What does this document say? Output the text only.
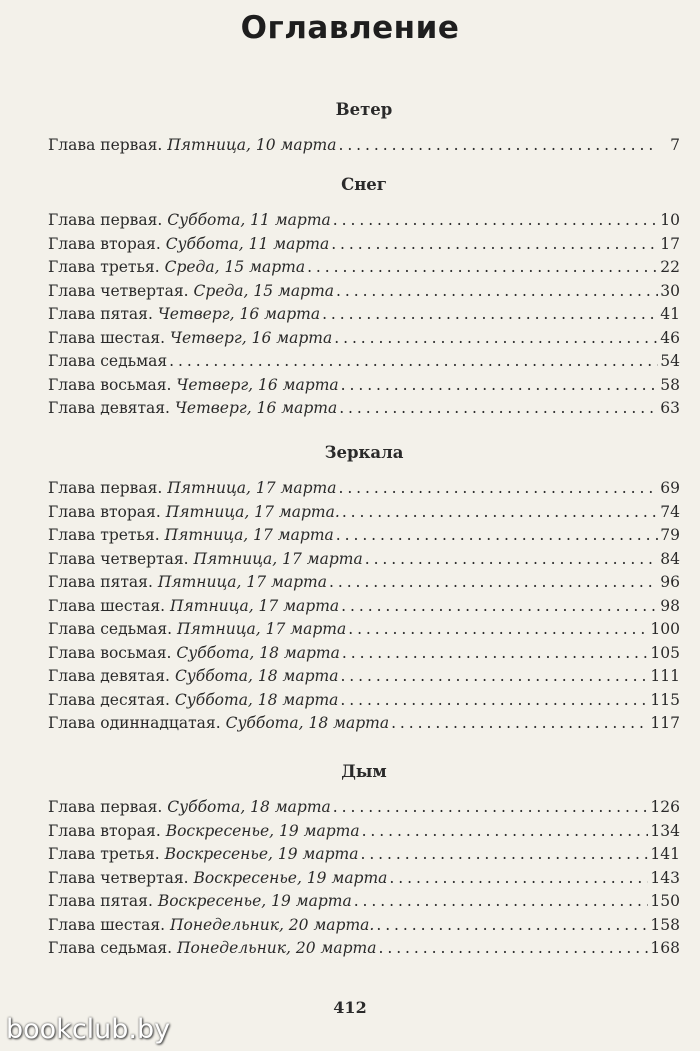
Оглавление
Ветер
Глава первая. Пятница, 10 марта . . .	7
Снег
Глава первая. Суббота, 11 марта . . .	10
Глава вторая. Суббота, 11 марта . . .	17
Глава третья. Среда, 15 марта . . .	22
Глава четвертая. Среда, 15 марта . . .	30
Глава пятая. Четверг, 16 марта . . .	41
Глава шестая. Четверг, 16 марта . . .	46
Глава седьмая . . .	54
Глава восьмая. Четверг, 16 марта . . .	58
Глава девятая. Четверг, 16 марта . . .	63
Зеркала
Глава первая. Пятница, 17 марта . . .	69
Глава вторая. Пятница, 17 марта. . . .	74
Глава третья. Пятница, 17 марта . . .	79
Глава четвертая. Пятница, 17 марта . . .	84
Глава пятая. Пятница, 17 марта . . .	96
Глава шестая. Пятница, 17 марта . . .	98
Глава седьмая. Пятница, 17 марта . . .	100
Глава восьмая. Суббота, 18 марта . . .	105
Глава девятая. Суббота, 18 марта . . .	111
Глава десятая. Суббота, 18 марта . . .	115
Глава одиннадцатая. Суббота, 18 марта . . .	117
Дым
Глава первая. Суббота, 18 марта . . .	126
Глава вторая. Воскресенье, 19 марта . . .	134
Глава третья. Воскресенье, 19 марта . . .	141
Глава четвертая. Воскресенье, 19 марта . . .	143
Глава пятая. Воскресенье, 19 марта . . .	150
Глава шестая. Понедельник, 20 марта. . . .	158
Глава седьмая. Понедельник, 20 марта . . .	168
412
bookclub.by
